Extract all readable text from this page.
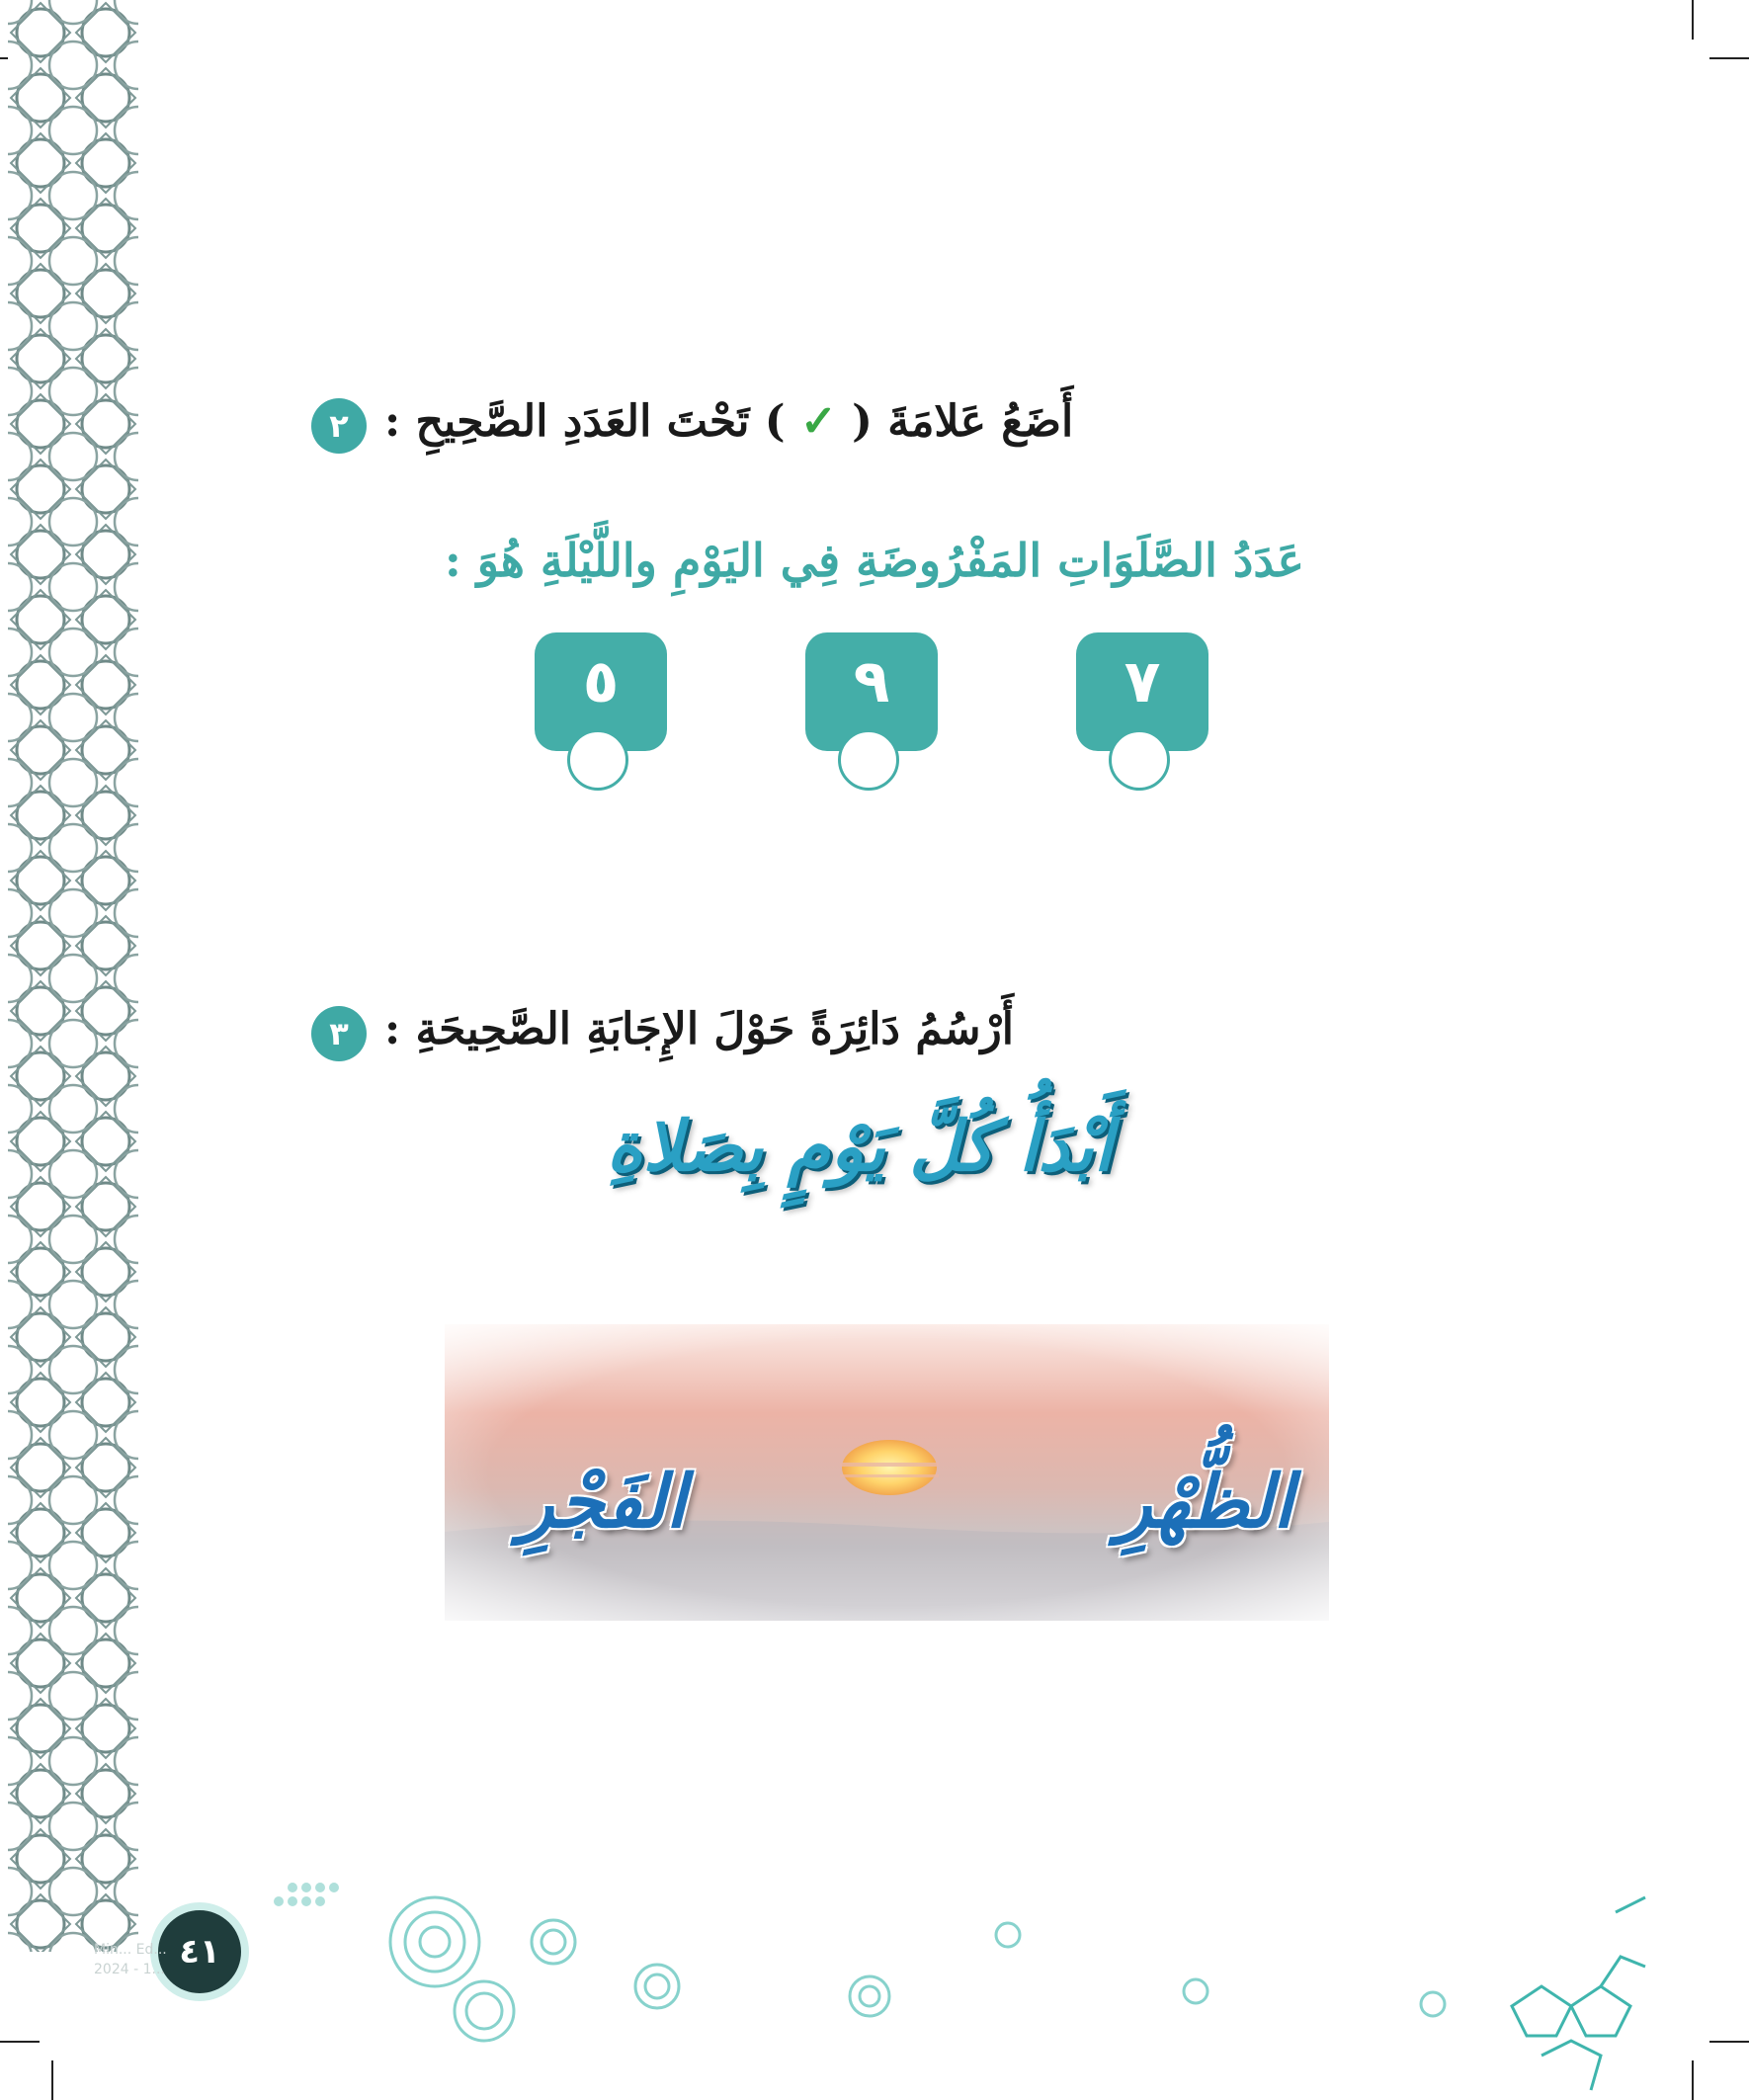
٢	أَضَعُ عَلامَةَ ( ✓ ) تَحْتَ العَدَدِ الصَّحِيحِ :
عَدَدُ الصَّلَوَاتِ المَفْرُوضَةِ فِي اليَوْمِ واللَّيْلَةِ هُوَ :
٧
٩
٥
٣ أَرْسُمُ دَائِرَةً حَوْلَ الإِجَابَةِ الصَّحِيحَةِ :
أَبْدَأُ كُلَّ يَوْمٍ بِصَلاةِ
الظُّهْرِ
الفَجْرِ
٤١
Min... Ed...
2024 - 1...
